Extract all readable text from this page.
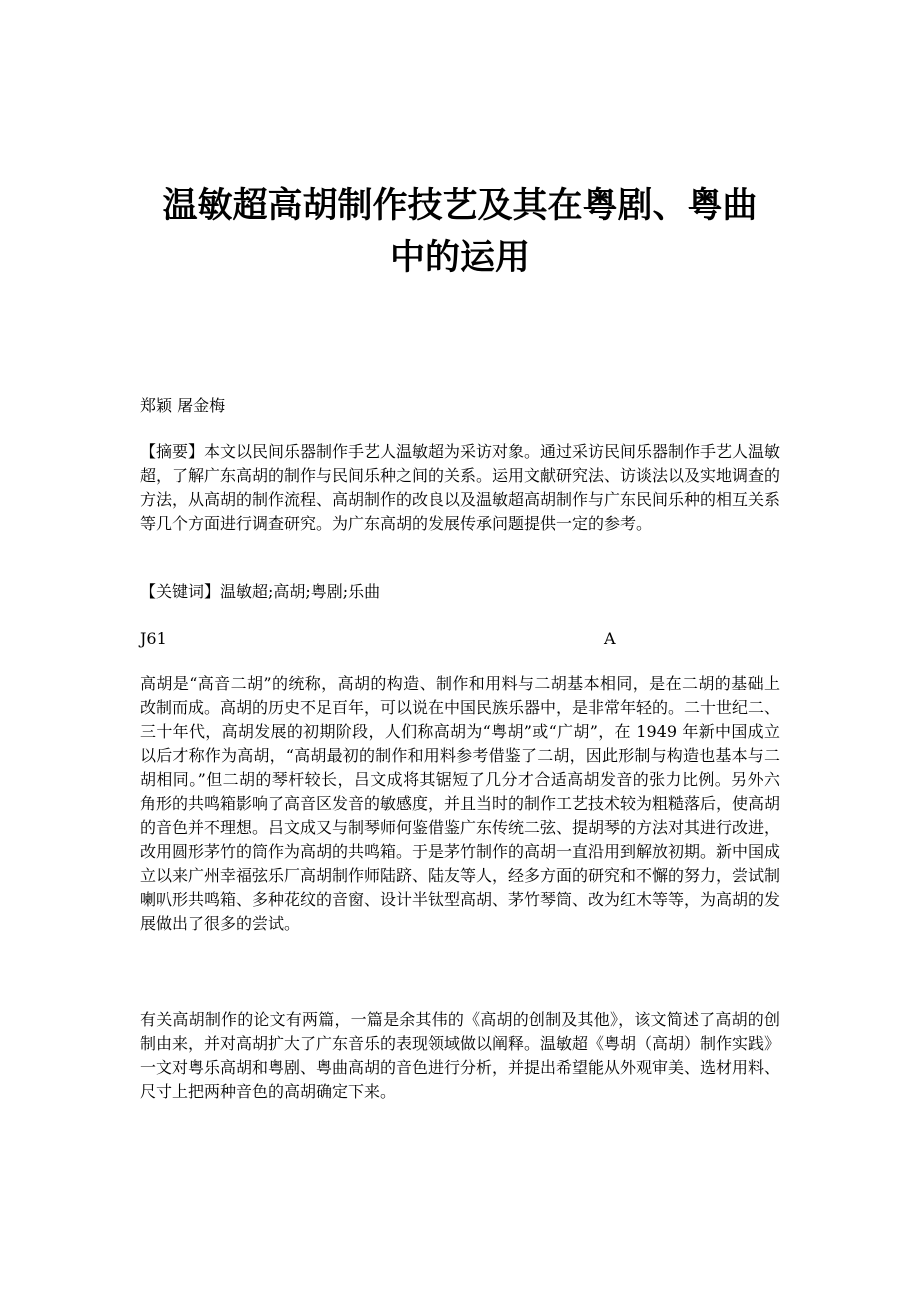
温敏超高胡制作技艺及其在粤剧、粤曲
中的运用

郑颖 屠金梅

【摘要】本文以民间乐器制作手艺人温敏超为采访对象。通过采访民间乐器制作手艺人温敏超，了解广东高胡的制作与民间乐种之间的关系。运用文献研究法、访谈法以及实地调查的方法，从高胡的制作流程、高胡制作的改良以及温敏超高胡制作与广东民间乐种的相互关系等几个方面进行调查研究。为广东高胡的发展传承问题提供一定的参考。

【关键词】温敏超;高胡;粤剧;乐曲

J61	A

高胡是“高音二胡”的统称，高胡的构造、制作和用料与二胡基本相同，是在二胡的基础上改制而成。高胡的历史不足百年，可以说在中国民族乐器中，是非常年轻的。二十世纪二、三十年代，高胡发展的初期阶段，人们称高胡为“粤胡”或“广胡”，在 1949 年新中国成立以后才称作为高胡，“高胡最初的制作和用料参考借鉴了二胡，因此形制与构造也基本与二胡相同。”但二胡的琴杆较长，吕文成将其锯短了几分才合适高胡发音的张力比例。另外六角形的共鸣箱影响了高音区发音的敏感度，并且当时的制作工艺技术较为粗糙落后，使高胡的音色并不理想。吕文成又与制琴师何鉴借鉴广东传统二弦、提胡琴的方法对其进行改进，改用圆形茅竹的筒作为高胡的共鸣箱。于是茅竹制作的高胡一直沿用到解放初期。新中国成立以来广州幸福弦乐厂高胡制作师陆跻、陆友等人，经多方面的研究和不懈的努力，尝试制喇叭形共鸣箱、多种花纹的音窗、设计半钛型高胡、茅竹琴筒、改为红木等等，为高胡的发展做出了很多的尝试。

有关高胡制作的论文有两篇，一篇是余其伟的《高胡的创制及其他》，该文简述了高胡的创制由来，并对高胡扩大了广东音乐的表现领域做以阐释。温敏超《粤胡（高胡）制作实践》一文对粤乐高胡和粤剧、粤曲高胡的音色进行分析，并提出希望能从外观审美、选材用料、尺寸上把两种音色的高胡确定下来。
